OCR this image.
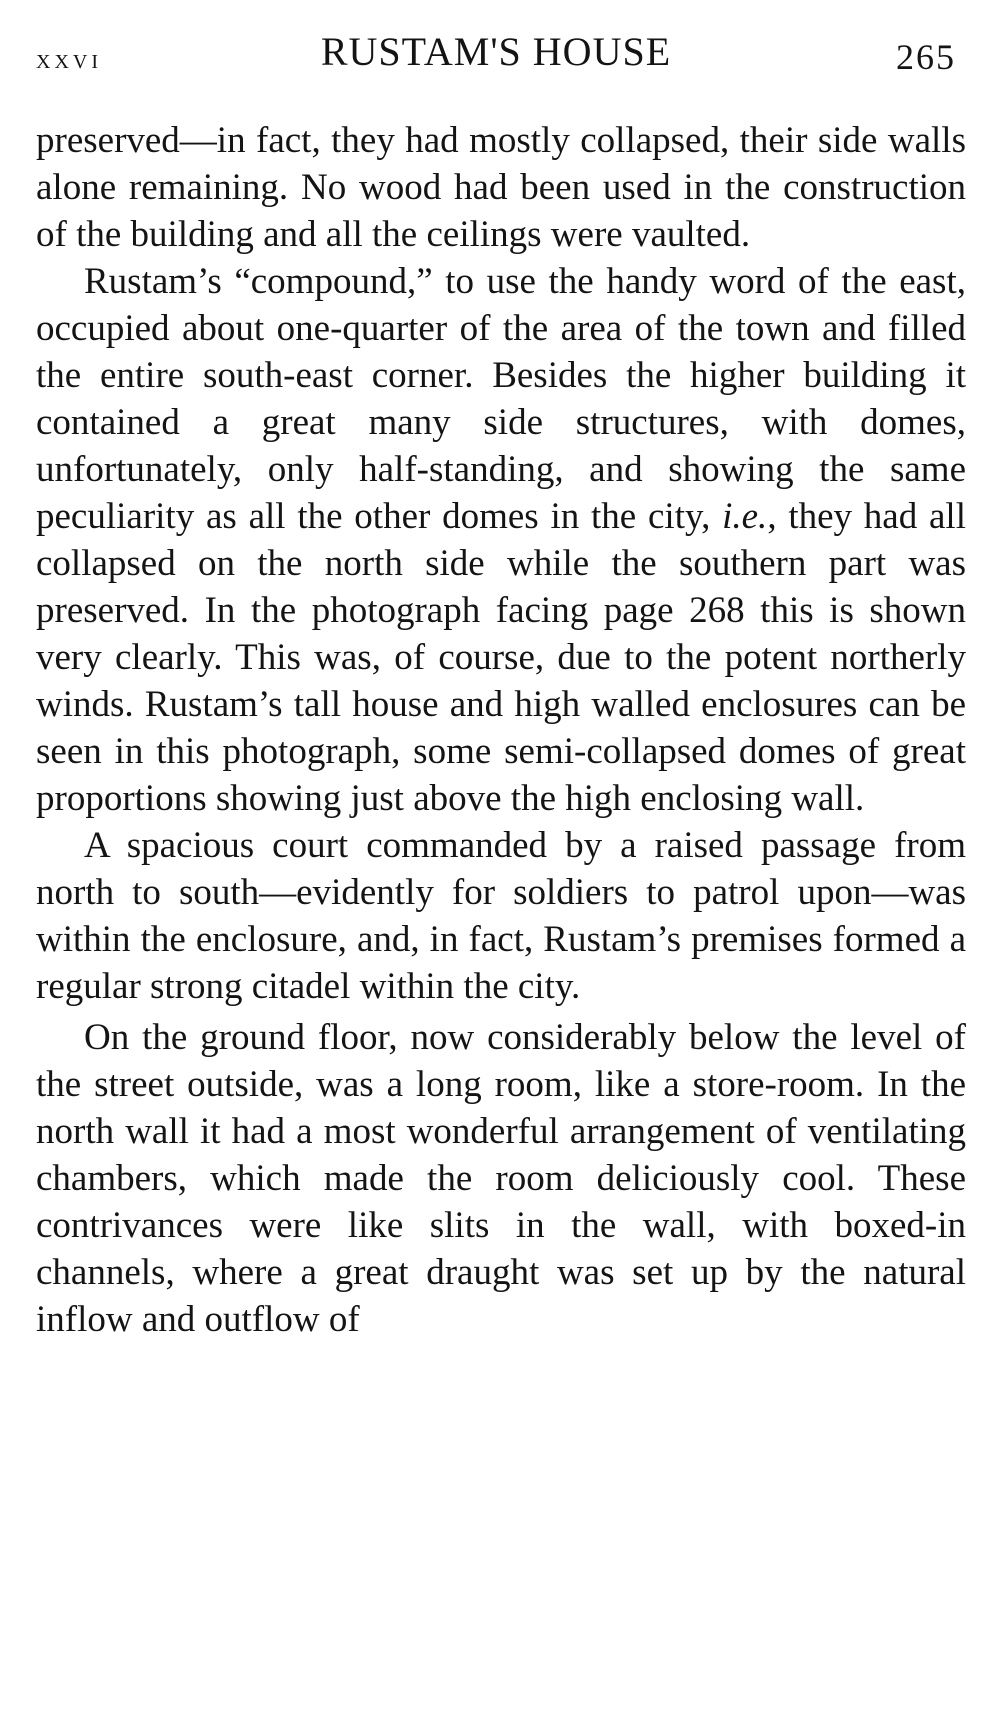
xxvi	RUSTAM'S HOUSE	265

preserved—in fact, they had mostly collapsed, their side walls alone remaining. No wood had been used in the construction of the building and all the ceilings were vaulted.

Rustam’s “compound,” to use the handy word of the east, occupied about one-quarter of the area of the town and filled the entire south-east corner. Besides the higher building it contained a great many side structures, with domes, unfortunately, only half-standing, and showing the same peculiarity as all the other domes in the city, i.e., they had all collapsed on the north side while the southern part was preserved. In the photograph facing page 268 this is shown very clearly. This was, of course, due to the potent northerly winds. Rustam’s tall house and high walled enclosures can be seen in this photograph, some semi-collapsed domes of great proportions showing just above the high enclosing wall.

A spacious court commanded by a raised passage from north to south—evidently for soldiers to patrol upon—was within the enclosure, and, in fact, Rustam’s premises formed a regular strong citadel within the city.

On the ground floor, now considerably below the level of the street outside, was a long room, like a store-room. In the north wall it had a most wonderful arrangement of ventilating chambers, which made the room deliciously cool. These contrivances were like slits in the wall, with boxed-in channels, where a great draught was set up by the natural inflow and outflow of
